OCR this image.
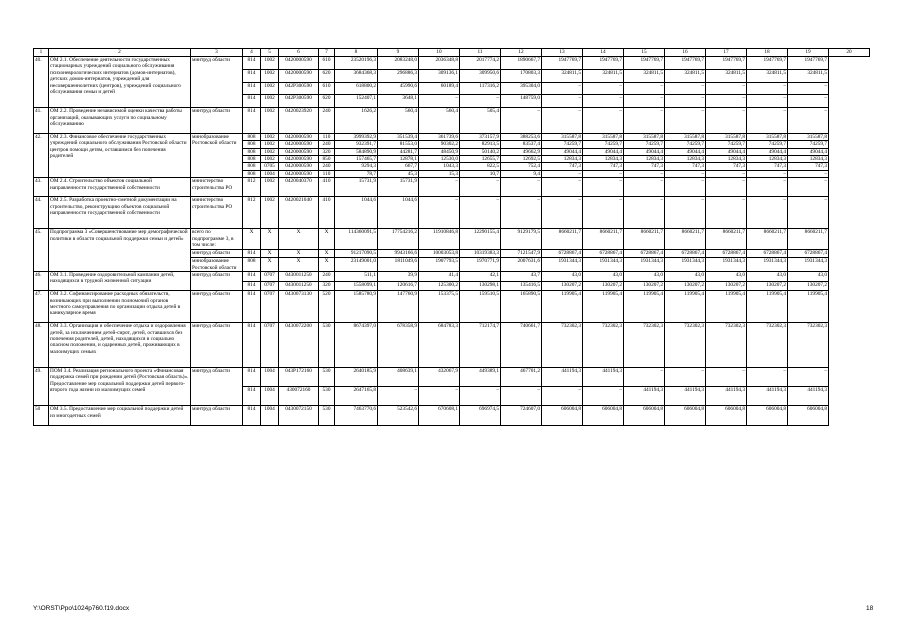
1	2	3	4	5	6	7	8	9	10	11	12	13	14	15	16	17	18	19	20
40.	ОМ 2.1. Обеспечение деятельности государственных стационарных учреждений социального обслуживания психоневрологических интернатов (домов-интернатов), детских домов-интернатов, учреждений для несовершеннолетних (центров), учреждений социального обслуживания семьи и детей	минтруд области	814	1002	0420000590	610	23520196,3	2083248,0	2036348,8	2017774,2	1890667,7	1947769,7	1947769,7	1947769,7	1947769,7	1947769,7	1947769,7	1947769,7	
			814	1002	0420000590	620	3684368,3	296886,3	309136,1	309950,6	170803,3	324811,5	324811,5	324811,5	324811,5	324811,5	324811,5	324811,5	
			814	1002	042P300590	610	618800,2	45990,6	60189,4	117316,2	395304,0	–	–	–	–	–	–	–	
			814	1002	042P300590	620	152407,1	3648,1	–	–	148759,0	–	–	–	–	–	–	–	
41.	ОМ 2.2. Проведение независимой оценки качества работы организаций, оказывающих услуги по социальному обслуживанию	минтруд области	814	1002	0420023920	240	1626,2	560,4	560,4	505,4	–	–	–	–	–	–	–	–	
42.	ОМ 2.3. Финансовое обеспечение государственных учреждений социального обслуживания Ростовской области центров помощи детям, оставшимся без попечения родителей	минобразование Ростовской области	808	1002	0420000590	110	3999392,9	351539,4	361739,6	373157,9	388253,6	315587,8	315587,8	315587,8	315587,8	315587,8	315587,8	315587,8	
			808	1002	0420000590	240	932391,7	81553,0	90302,2	82913,5	83537,4	74259,7	74259,7	74259,7	74259,7	74259,7	74259,7	74259,7	
			808	1002	0420000590	320	584890,9	44281,7	48450,9	50140,2	49662,9	49044,4	49044,4	49044,4	49044,4	49044,4	49044,4	49044,4	
			808	1002	0420000590	850	157465,7	12878,1	12530,0	12655,7	12692,5	12834,3	12834,3	12834,3	12834,3	12834,3	12834,3	12834,3	
			808	0705	0420000590	240	9294,3	667,7	1043,3	822,5	752,4	747,3	747,3	747,3	747,3	747,3	747,3	747,3	
			808	1004	0420000590	110	78,7	45,3	15,3	10,7	9,4	–	–	–	–	–	–	–	
43.	ОМ 2.4. Строительство объектов социальной направленности государственной собственности	министерство строительства РО	812	1002	0420040370	410	15731,9	15731,9	–	–	–	–	–	–	–	–	–	–	
44.	ОМ 2.5. Разработка проектно-сметной документации на строительство, реконструкцию объектов социальной направленности государственной собственности	министерство строительства РО	812	1002	0420021040	410	1044,6	1044,6	–	–	–	–	–	–	–	–	–	–	
45.	Подпрограмма 3 «Совершенствование мер демографической политики в области социальной поддержки семьи и детей»	всего по подпрограмме 3, в том числе:	X	X	X	X	114360091,5	17754216,2	11910846,8	12290155,4	9129179,5	8660211,7	8660211,7	8660211,7	8660211,7	8660211,7	8660211,7	8660211,7	
		минтруд области	814	X	X	X	91217090,5	9943166,6	10003053,8	10319383,3	7121547,9	6728867,4	6728867,4	6728867,4	6728867,4	6728867,4	6728867,4	6728867,4	
		минобразование Ростовской области	808	X	X	X	23149001,0	1811049,6	1907793,5	1970771,9	2007631,6	1931344,3	1931344,3	1931344,3	1931344,3	1931344,3	1931344,3	1931344,3	
46.	ОМ 3.1. Проведение оздоровительной кампании детей, находящихся в трудной жизненной ситуации	минтруд области	814	0707	0430011250	240	511,1	39,9	41,4	42,1	43,7	43,0	43,0	43,0	43,0	43,0	43,0	43,0	
			814	0707	0430011250	320	1558099,1	120616,7	125300,2	130298,1	135416,5	130207,2	130207,2	130207,2	130207,2	130207,2	130207,2	130207,2	
47.	ОМ 3.2. Софинансирование расходных обязательств, возникающих при выполнении полномочий органов местного самоуправления по организации отдыха детей в каникулярное время	минтруд области	814	0707	0430073130	520	1585780,9	147760,9	153375,5	159510,5	165890,5	119905,4	119905,4	119905,4	119905,4	119905,4	119905,4	119905,4	
48.	ОМ 3.3. Организация и обеспечение отдыха и оздоровления детей, за исключением детей-сирот, детей, оставшихся без попечения родителей, детей, находящихся в социально опасном положении, и одаренных детей, проживающих в малоимущих семьях	минтруд области	814	0707	0430072200	530	8674397,0	678358,9	684783,3	712174,7	740661,7	732302,3	732302,3	732302,3	732302,3	732302,3	732302,3	732302,3	
49.	ПОМ 3.4. Реализация регионального проекта «Финансовая поддержка семей при рождении детей (Ростовская область)». Предоставление мер социальной поддержки детей первого-второго года жизни из малоимущих семей	минтруд области	814	1004	043P172160	530	2640185,9	408639,1	432067,9	449389,1	467701,2	441194,3	441194,3	–	–	–	–	–	
			814	1004	430072160	530	2647165,8	–	–	–	–	–	–	441194,3	441194,3	441194,3	441194,3	441194,3	
50	ОМ 3.5. Предоставление мер социальной поддержки детей из многодетных семей	минтруд области	814	1004	0430072150	530	7463770,6	523542,6	670608,1	696974,5	724607,0	606004,8	606004,8	606004,8	606004,8	606004,8	606004,8	606004,8	
Y:\ORST\Ppo\1024p760.f19.docx	18
